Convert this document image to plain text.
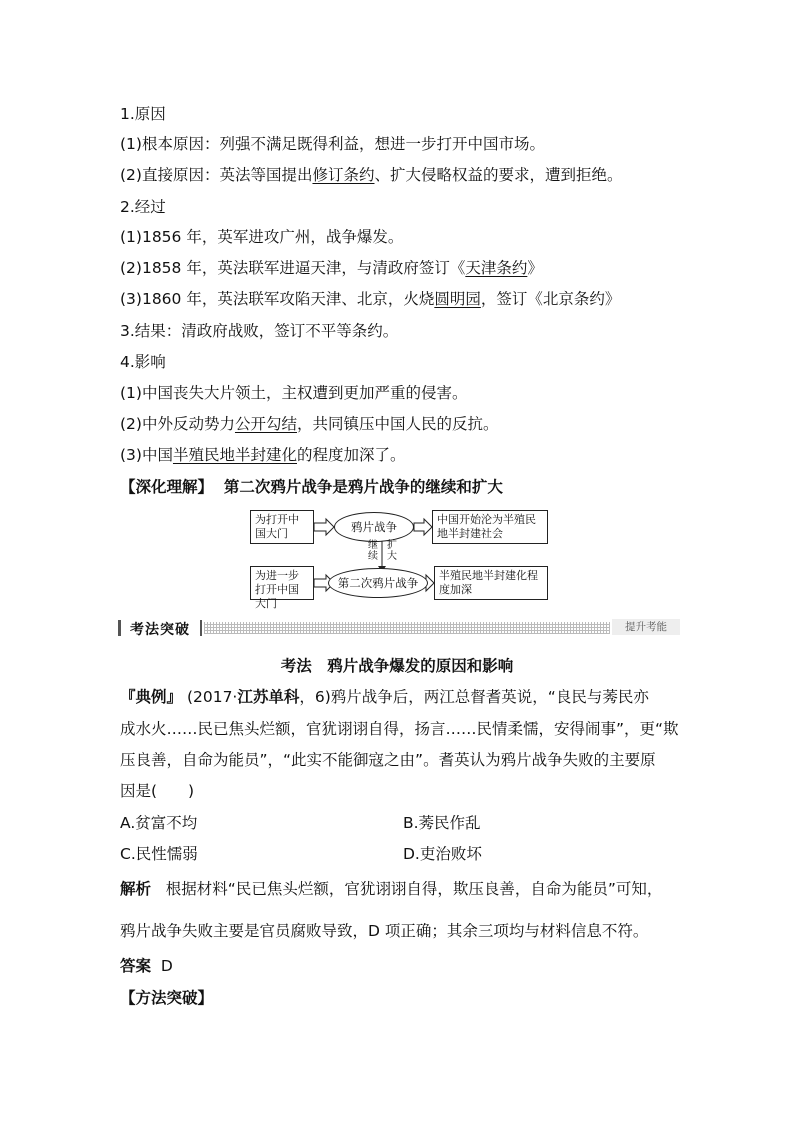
1.原因
(1)根本原因：列强不满足既得利益，想进一步打开中国市场。
(2)直接原因：英法等国提出修订条约、扩大侵略权益的要求，遭到拒绝。
2.经过
(1)1856 年，英军进攻广州，战争爆发。
(2)1858 年，英法联军进逼天津，与清政府签订《天津条约》
(3)1860 年，英法联军攻陷天津、北京，火烧圆明园，签订《北京条约》
3.结果：清政府战败，签订不平等条约。
4.影响
(1)中国丧失大片领土，主权遭到更加严重的侵害。
(2)中外反动势力公开勾结，共同镇压中国人民的反抗。
(3)中国半殖民地半封建化的程度加深了。
【深化理解】 第二次鸦片战争是鸦片战争的继续和扩大
为打开中国大门	鸦片战争
中国开始沦为半殖民地半封建社会
继续
扩大
为进一步打开中国大门
第二次鸦片战争
半殖民地半封建化程度加深
考法突破	提升考能
考法　鸦片战争爆发的原因和影响
『典例』 (2017·江苏单科，6)鸦片战争后，两江总督耆英说，“良民与莠民亦
成水火……民已焦头烂额，官犹诩诩自得，扬言……民情柔懦，安得闹事”，更“欺
压良善，自命为能员”，“此实不能御寇之由”。耆英认为鸦片战争失败的主要原
因是(　　)
A.贫富不均	B.莠民作乱
C.民性懦弱	D.吏治败坏
解析 根据材料“民已焦头烂额，官犹诩诩自得，欺压良善，自命为能员”可知，
鸦片战争失败主要是官员腐败导致，D 项正确；其余三项均与材料信息不符。
答案 D
【方法突破】
